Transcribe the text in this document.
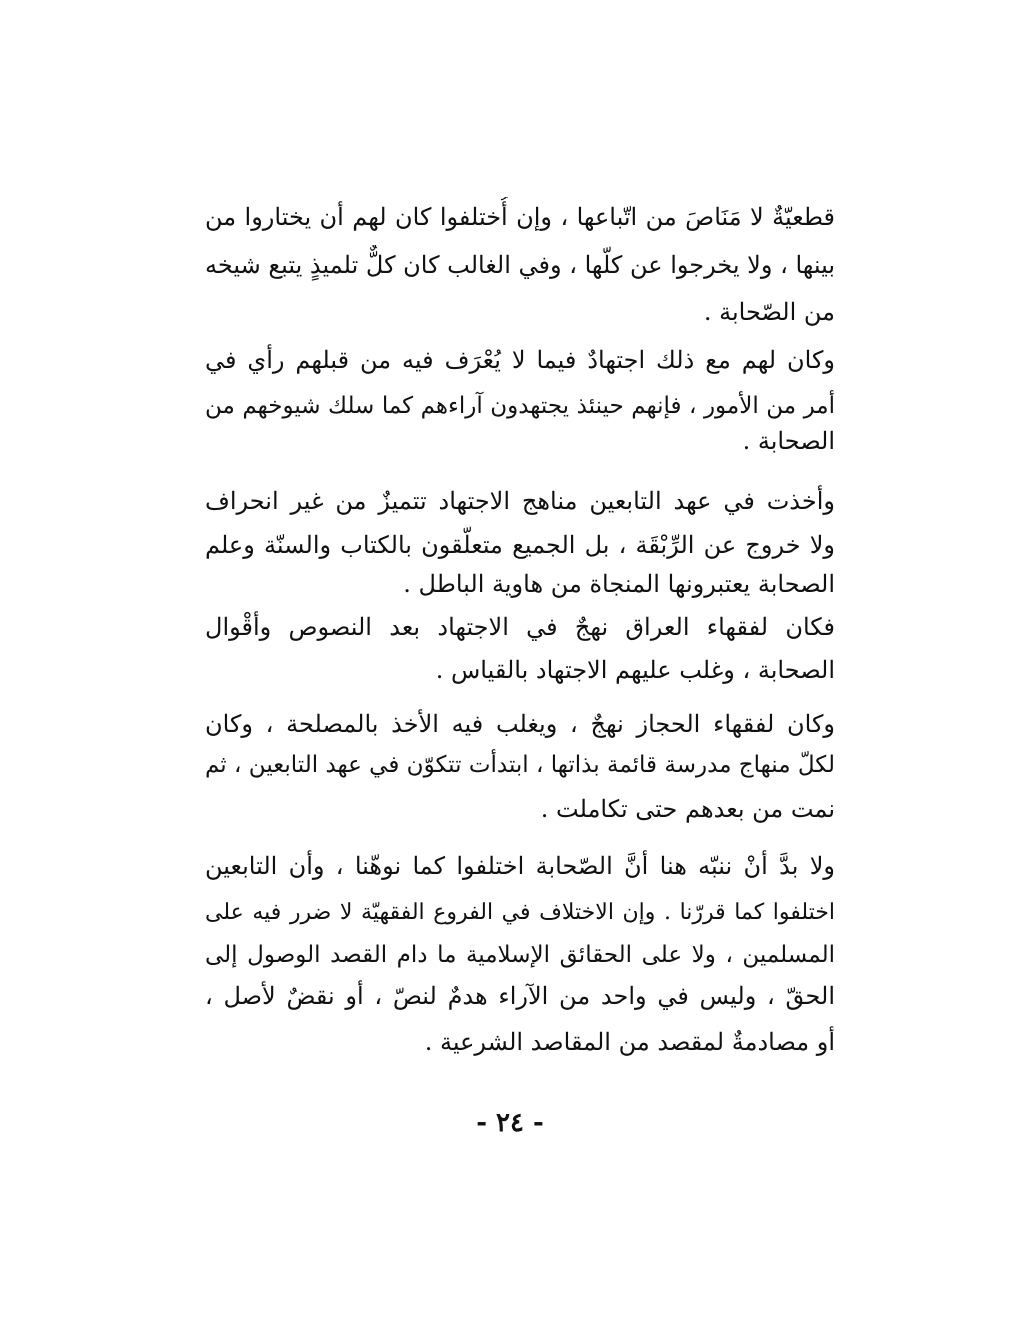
قطعيّةٌ لا مَنَاصَ من اتّباعها ، وإن أُختلفوا كان لهم أن يختاروا من
بينها ، ولا يخرجوا عن كلّها ، وفي الغالب كان كلٌّ تلميذٍ يتبع شيخه
من الصّحابة .
وكان لهم مع ذلك اجتهادٌ فيما لا يُعْرَف فيه من قبلهم رأي في
أمر من الأمور ، فإنهم حينئذ يجتهدون آراءهم كما سلك شيوخهم من
الصحابة .
وأخذت في عهد التابعين مناهج الاجتهاد تتميزٌ من غير انحراف
ولا خروج عن الرِّبْقَة ، بل الجميع متعلّقون بالكتاب والسنّة وعلم
الصحابة يعتبرونها المنجاة من هاوية الباطل .
فكان لفقهاء العراق نهجٌ في الاجتهاد بعد النصوص وأقْوال
الصحابة ، وغلب عليهم الاجتهاد بالقياس .
وكان لفقهاء الحجاز نهجٌ ، ويغلب فيه الأخذ بالمصلحة ، وكان
لكلّ منهاج مدرسة قائمة بذاتها ، ابتدأت تتكوّن في عهد التابعين ، ثم
نمت من بعدهم حتى تكاملت .
ولا بدَّ أنْ ننبّه هنا أنَّ الصّحابة اختلفوا كما نوهّنا ، وأن التابعين
اختلفوا كما قررّنا . وإن الاختلاف في الفروع الفقهيّة لا ضرر فيه على
المسلمين ، ولا على الحقائق الإسلامية ما دام القصد الوصول إلى
الحقّ ، وليس في واحد من الآراء هدمٌ لنصّ ، أو نقضٌ لأصل ،
أو مصادمةٌ لمقصد من المقاصد الشرعية .
- ٢٤ -
